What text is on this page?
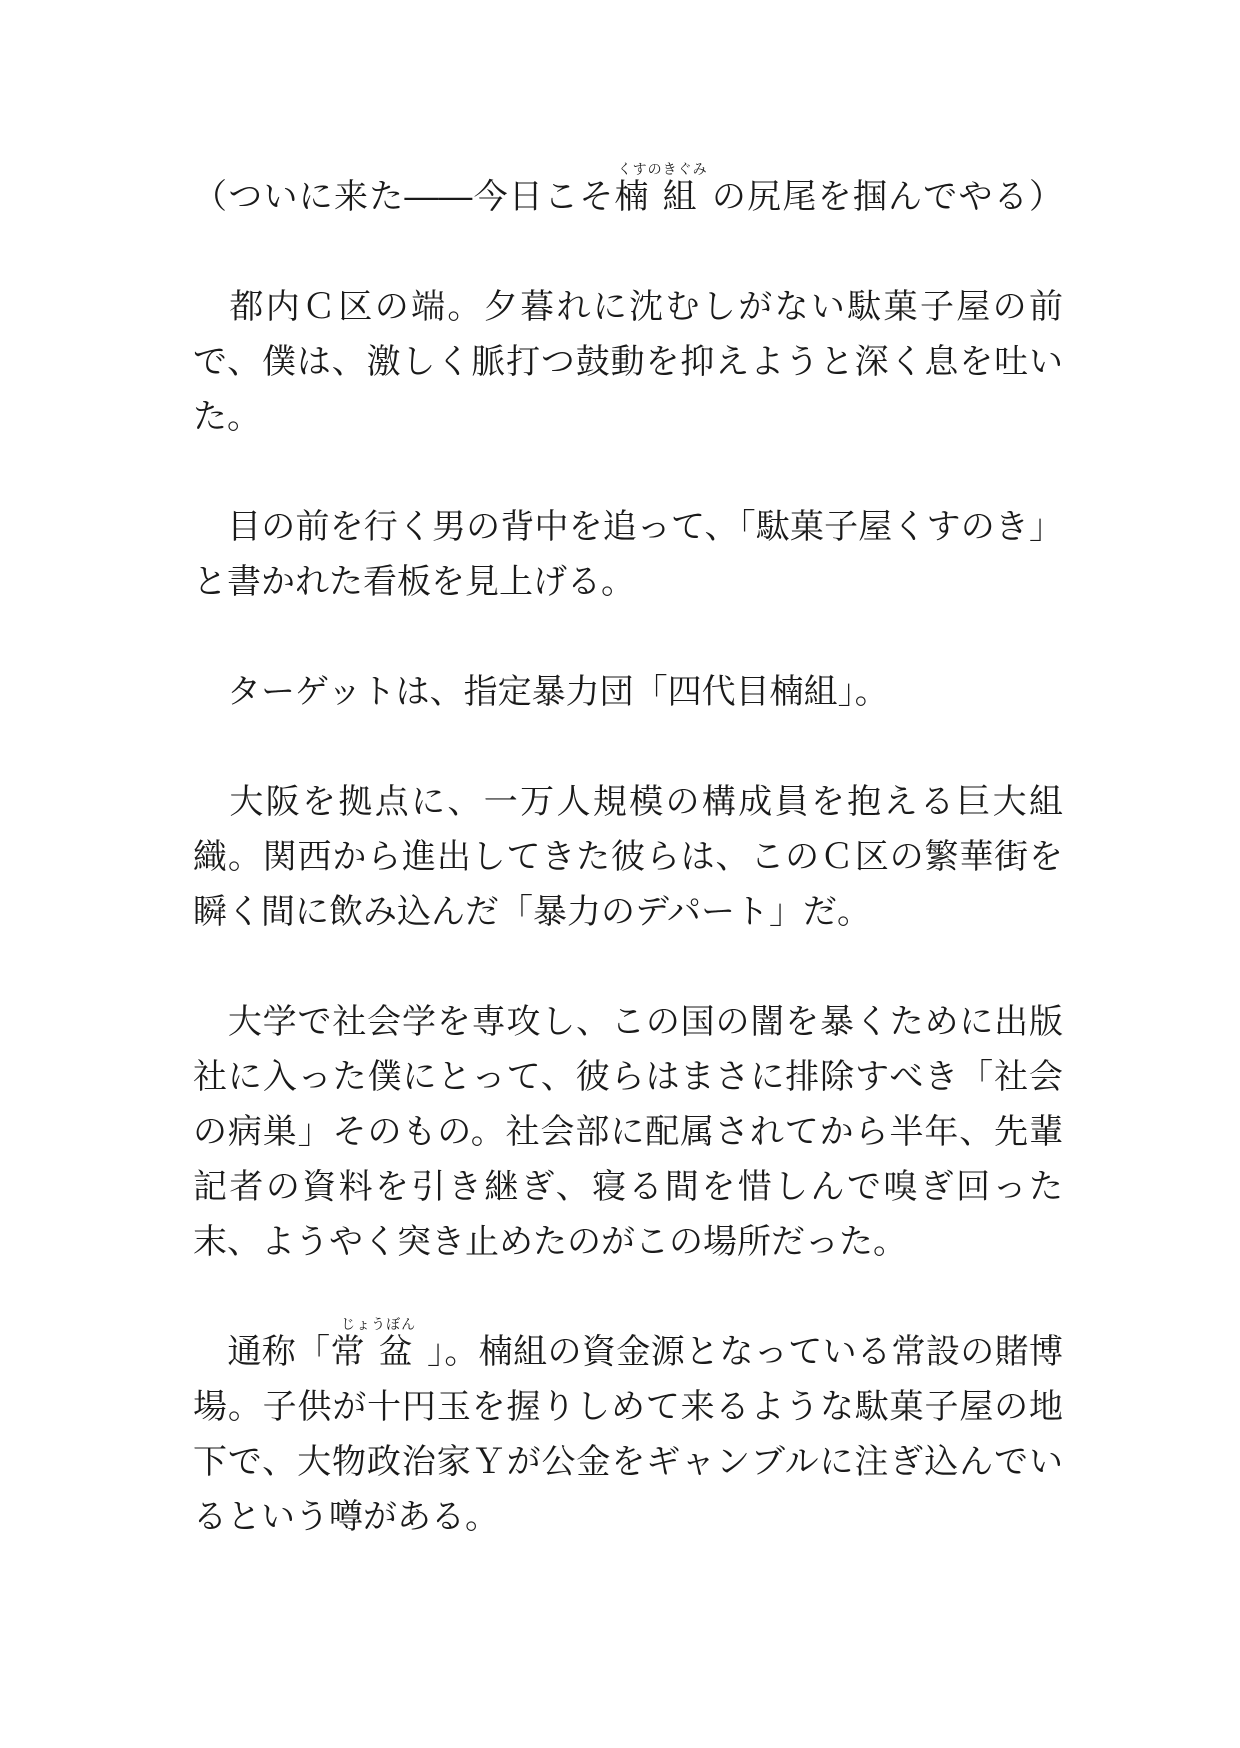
（ついに来た――今日こそ
くすのきぐみ
楠組の尻尾を掴んでやる）
　都内Ｃ区の端。夕暮れに沈むしがない駄菓子屋の前
で、僕は、激しく脈打つ鼓動を抑えようと深く息を吐い
た。
　目の前を行く男の背中を追って、「駄菓子屋くすのき」
と書かれた看板を見上げる。
　ターゲットは、指定暴力団「四代目楠組」。
　大阪を拠点に、一万人規模の構成員を抱える巨大組
織。関西から進出してきた彼らは、このＣ区の繁華街を
瞬く間に飲み込んだ「暴力のデパート」だ。
　大学で社会学を専攻し、この国の闇を暴くために出版
社に入った僕にとって、彼らはまさに排除すべき「社会
の病巣」そのもの。社会部に配属されてから半年、先輩
記者の資料を引き継ぎ、寝る間を惜しんで嗅ぎ回った
末、ようやく突き止めたのがこの場所だった。
　通称「
じょうぼん
常盆」。楠組の資金源となっている常設の賭博
場。子供が十円玉を握りしめて来るような駄菓子屋の地
下で、大物政治家Ｙが公金をギャンブルに注ぎ込んでい
るという噂がある。
